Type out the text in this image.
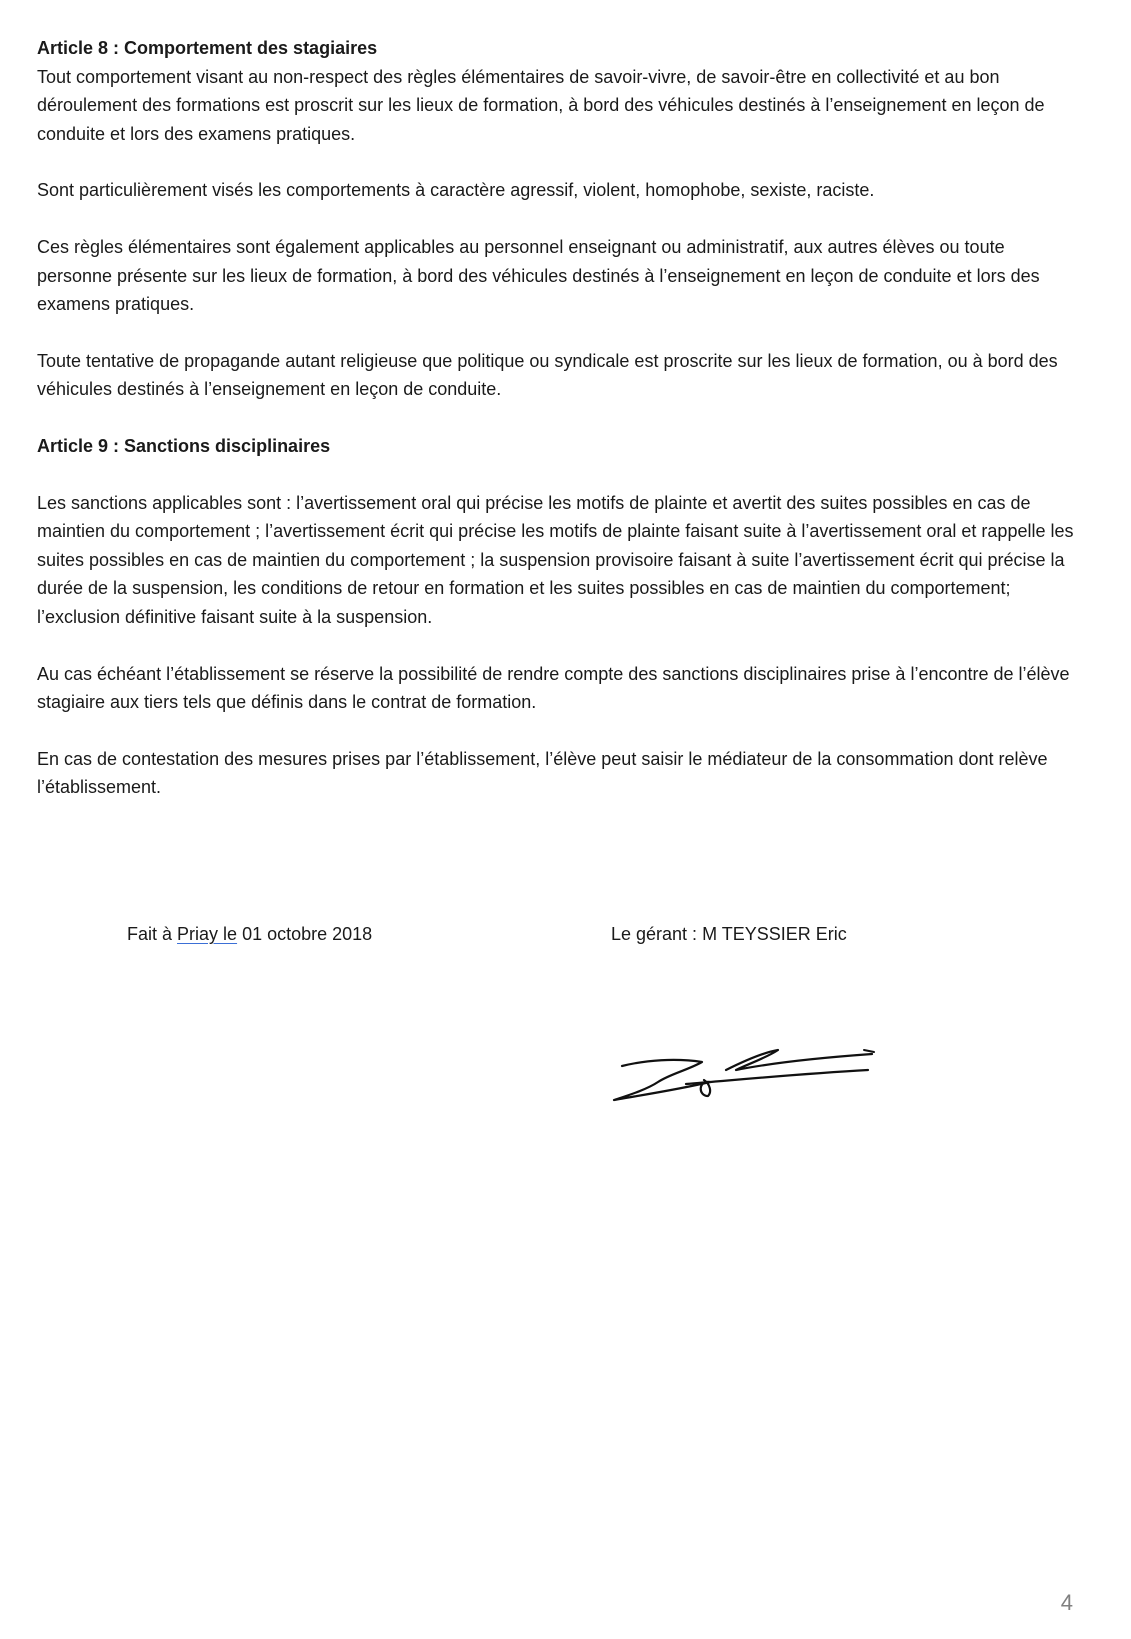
Article 8 : Comportement des stagiaires

Tout comportement visant au non-respect des règles élémentaires de savoir-vivre, de savoir-être en collectivité et au bon déroulement des formations est proscrit sur les lieux de formation, à bord des véhicules destinés à l’enseignement en leçon de conduite et lors des examens pratiques.

Sont particulièrement visés les comportements à caractère agressif, violent, homophobe, sexiste, raciste.

Ces règles élémentaires sont également applicables au personnel enseignant ou administratif, aux autres élèves ou toute personne présente sur les lieux de formation, à bord des véhicules destinés à l’enseignement en leçon de conduite et lors des examens pratiques.

Toute tentative de propagande autant religieuse que politique ou syndicale est proscrite sur les lieux de formation, ou à bord des véhicules destinés à l’enseignement en leçon de conduite.

Article 9 : Sanctions disciplinaires

Les sanctions applicables sont : l’avertissement oral qui précise les motifs de plainte et avertit des suites possibles en cas de maintien du comportement ; l’avertissement écrit qui précise les motifs de plainte faisant suite à l’avertissement oral et rappelle les suites possibles en cas de maintien du comportement ; la suspension provisoire faisant à suite l’avertissement écrit qui précise la durée de la suspension, les conditions de retour en formation et les suites possibles en cas de maintien du comportement; l’exclusion définitive faisant suite à la suspension.

Au cas échéant l’établissement se réserve la possibilité de rendre compte des sanctions disciplinaires prise à l’encontre de l’élève stagiaire aux tiers tels que définis dans le contrat de formation.

En cas de contestation des mesures prises par l’établissement, l’élève peut saisir le médiateur de la consommation dont relève l’établissement.

Fait à Priay le 01 octobre 2018	Le gérant : M TEYSSIER Eric
4
